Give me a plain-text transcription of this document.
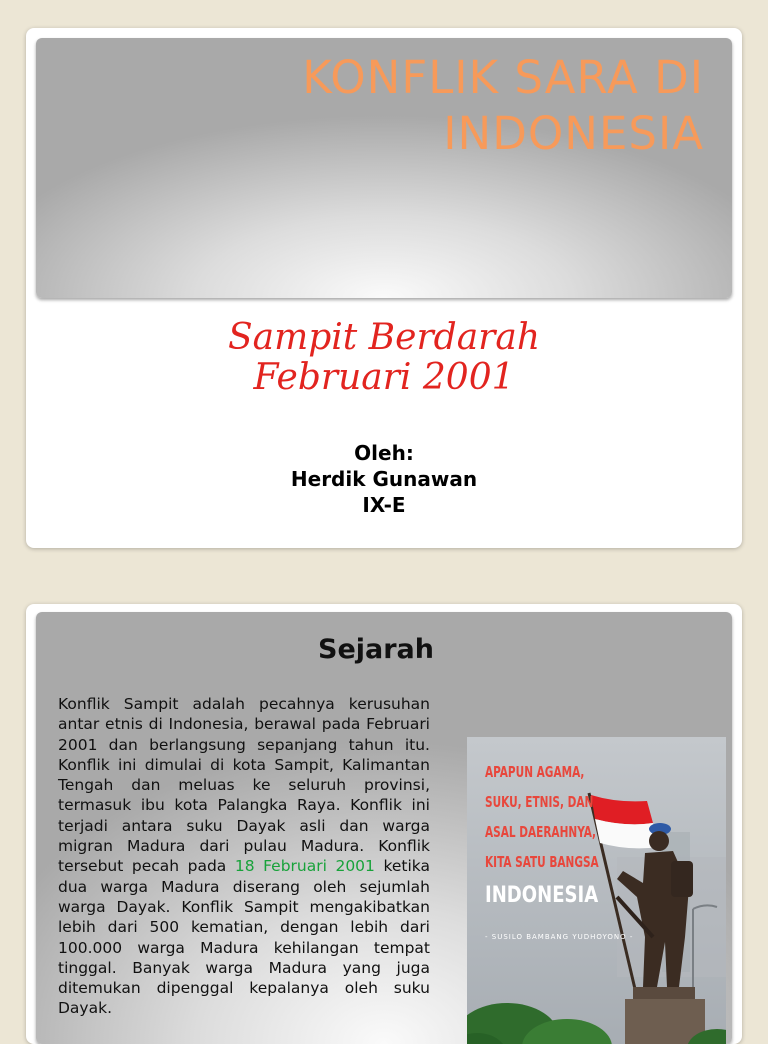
KONFLIK SARA DI
INDONESIA
Sampit Berdarah
Februari 2001
Oleh:
Herdik Gunawan
IX-E
Sejarah
Konflik Sampit adalah pecahnya kerusuhan antar etnis di Indonesia, berawal pada Februari 2001 dan berlangsung sepanjang tahun itu. Konflik ini dimulai di kota Sampit, Kalimantan Tengah dan meluas ke seluruh provinsi, termasuk ibu kota Palangka Raya. Konflik ini terjadi antara suku Dayak asli dan warga migran Madura dari pulau Madura. Konflik tersebut pecah pada 18 Februari 2001 ketika dua warga Madura diserang oleh sejumlah warga Dayak. Konflik Sampit mengakibatkan lebih dari 500 kematian, dengan lebih dari 100.000 warga Madura kehilangan tempat tinggal. Banyak warga Madura yang juga ditemukan dipenggal kepalanya oleh suku Dayak.
APAPUN AGAMA,
SUKU, ETNIS, DAN
ASAL DAERAHNYA,
KITA SATU BANGSA
INDONESIA
- SUSILO BAMBANG YUDHOYONO -
